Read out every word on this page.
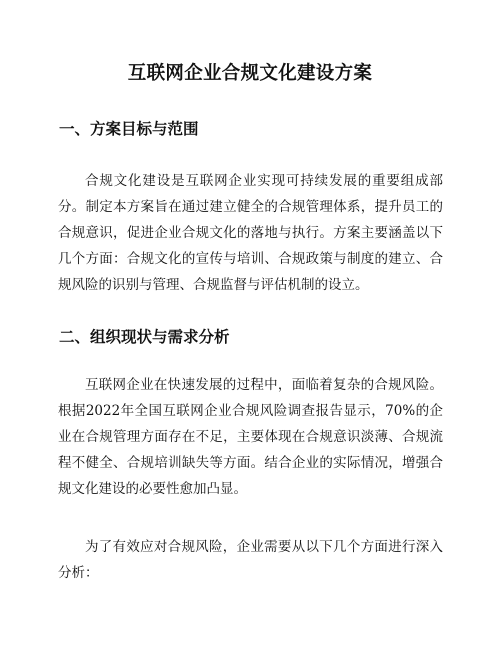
互联网企业合规文化建设方案
一、方案目标与范围

合规文化建设是互联网企业实现可持续发展的重要组成部分。制定本方案旨在通过建立健全的合规管理体系，提升员工的合规意识，促进企业合规文化的落地与执行。方案主要涵盖以下几个方面：合规文化的宣传与培训、合规政策与制度的建立、合规风险的识别与管理、合规监督与评估机制的设立。

二、组织现状与需求分析

互联网企业在快速发展的过程中，面临着复杂的合规风险。根据2022年全国互联网企业合规风险调查报告显示，70%的企业在合规管理方面存在不足，主要体现在合规意识淡薄、合规流程不健全、合规培训缺失等方面。结合企业的实际情况，增强合规文化建设的必要性愈加凸显。

为了有效应对合规风险，企业需要从以下几个方面进行深入分析：
